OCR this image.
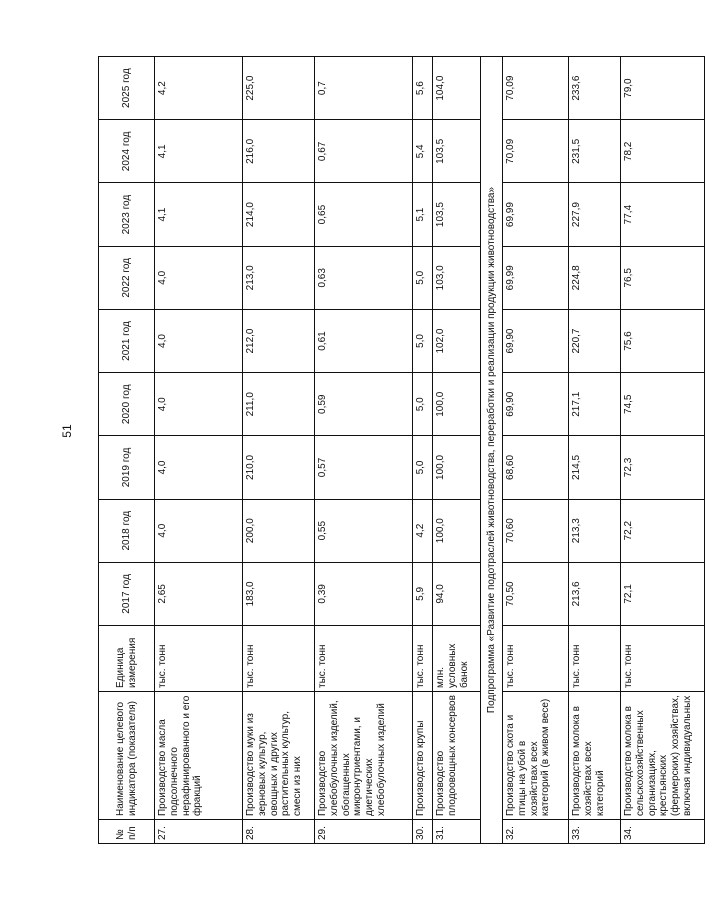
51
№ п/п	Наименование целевого индикатора (показателя)	Единица измерения	2017 год	2018 год	2019 год	2020 год	2021 год	2022 год	2023 год	2024 год	2025 год
27.	Производство масла подсолнечного нерафинированного и его фракций	тыс. тонн	2,65	4,0	4,0	4,0	4,0	4,0	4,1	4,1	4,2
28.	Производство муки из зерновых культур, овощных и других растительных культур, смеси из них	тыс. тонн	183,0	200,0	210,0	211,0	212,0	213,0	214,0	216,0	225,0
29.	Производство хлебобулочных изделий, обогащенных микронутриентами, и диетических хлебобулочных изделий	тыс. тонн	0,39	0,55	0,57	0,59	0,61	0,63	0,65	0,67	0,7
30.	Производство крупы	тыс. тонн	5,9	4,2	5,0	5,0	5,0	5,0	5,1	5,4	5,6
31.	Производство плодоовощных консервов	млн. условных банок	94,0	100,0	100,0	100,0	102,0	103,0	103,5	103,5	104,0
Подпрограмма «Развитие подотраслей животноводства, переработки и реализации продукции животноводства»											
32.	Производство скота и птицы на убой в хозяйствах всех категорий (в живом весе)	тыс. тонн	70,50	70,60	68,60	69,90	69,90	69,99	69,99	70,09	70,09
33.	Производство молока в хозяйствах всех категорий	тыс. тонн	213,6	213,3	214,5	217,1	220,7	224,8	227,9	231,5	233,6
34.	Производство молока в сельскохозяйственных организациях, крестьянских (фермерских) хозяйствах, включая индивидуальных	тыс. тонн	72,1	72,2	72,3	74,5	75,6	76,5	77,4	78,2	79,0
